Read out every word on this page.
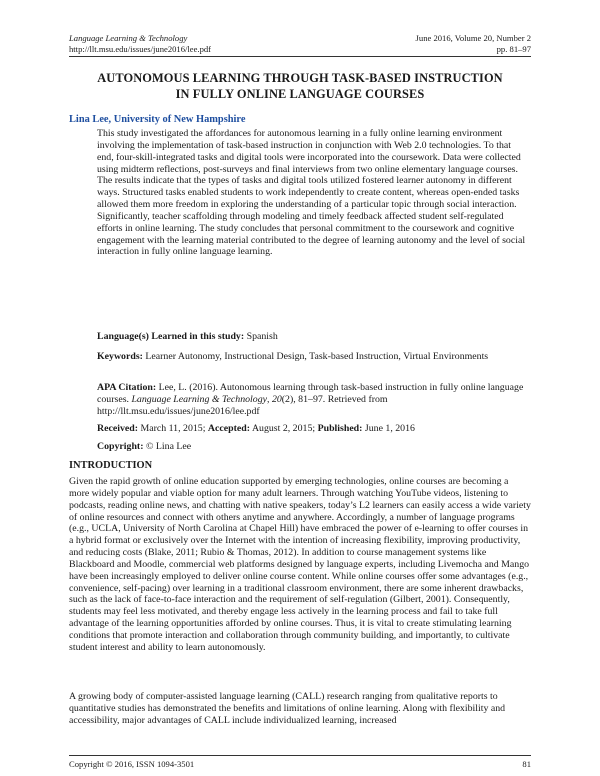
Language Learning & Technology
http://llt.msu.edu/issues/june2016/lee.pdf
June 2016, Volume 20, Number 2
pp. 81–97
AUTONOMOUS LEARNING THROUGH TASK-BASED INSTRUCTION
IN FULLY ONLINE LANGUAGE COURSES
Lina Lee, University of New Hampshire
This study investigated the affordances for autonomous learning in a fully online learning environment involving the implementation of task-based instruction in conjunction with Web 2.0 technologies. To that end, four-skill-integrated tasks and digital tools were incorporated into the coursework. Data were collected using midterm reflections, post-surveys and final interviews from two online elementary language courses. The results indicate that the types of tasks and digital tools utilized fostered learner autonomy in different ways. Structured tasks enabled students to work independently to create content, whereas open-ended tasks allowed them more freedom in exploring the understanding of a particular topic through social interaction. Significantly, teacher scaffolding through modeling and timely feedback affected student self-regulated efforts in online learning. The study concludes that personal commitment to the coursework and cognitive engagement with the learning material contributed to the degree of learning autonomy and the level of social interaction in fully online language learning.
Language(s) Learned in this study: Spanish
Keywords: Learner Autonomy, Instructional Design, Task-based Instruction, Virtual Environments
APA Citation: Lee, L. (2016). Autonomous learning through task-based instruction in fully online language courses. Language Learning & Technology, 20(2), 81–97. Retrieved from http://llt.msu.edu/issues/june2016/lee.pdf
Received: March 11, 2015; Accepted: August 2, 2015; Published: June 1, 2016
Copyright: © Lina Lee
INTRODUCTION
Given the rapid growth of online education supported by emerging technologies, online courses are becoming a more widely popular and viable option for many adult learners. Through watching YouTube videos, listening to podcasts, reading online news, and chatting with native speakers, today’s L2 learners can easily access a wide variety of online resources and connect with others anytime and anywhere. Accordingly, a number of language programs (e.g., UCLA, University of North Carolina at Chapel Hill) have embraced the power of e-learning to offer courses in a hybrid format or exclusively over the Internet with the intention of increasing flexibility, improving productivity, and reducing costs (Blake, 2011; Rubio & Thomas, 2012). In addition to course management systems like Blackboard and Moodle, commercial web platforms designed by language experts, including Livemocha and Mango have been increasingly employed to deliver online course content. While online courses offer some advantages (e.g., convenience, self-pacing) over learning in a traditional classroom environment, there are some inherent drawbacks, such as the lack of face-to-face interaction and the requirement of self-regulation (Gilbert, 2001). Consequently, students may feel less motivated, and thereby engage less actively in the learning process and fail to take full advantage of the learning opportunities afforded by online courses. Thus, it is vital to create stimulating learning conditions that promote interaction and collaboration through community building, and importantly, to cultivate student interest and ability to learn autonomously.
A growing body of computer-assisted language learning (CALL) research ranging from qualitative reports to quantitative studies has demonstrated the benefits and limitations of online learning. Along with flexibility and accessibility, major advantages of CALL include individualized learning, increased
Copyright © 2016, ISSN 1094-3501	81
